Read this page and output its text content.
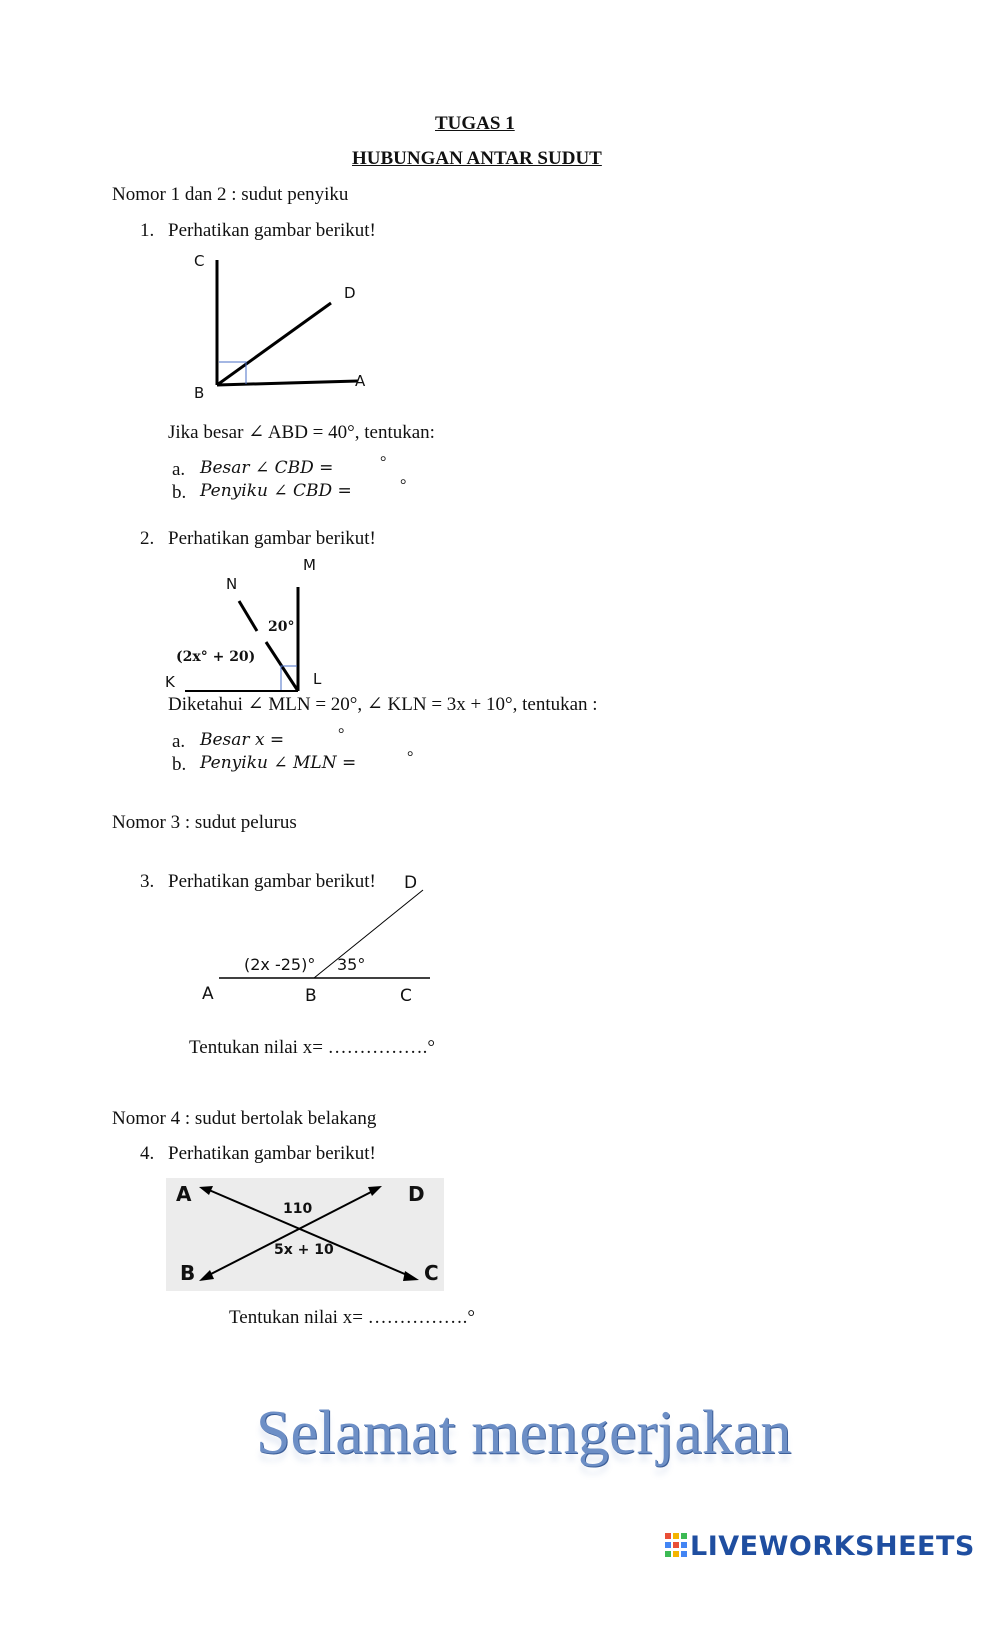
TUGAS 1
HUBUNGAN ANTAR SUDUT
Nomor 1 dan 2 : sudut penyiku
1. Perhatikan gambar berikut!
C
D
B
A
Jika besar ∠ ABD = 40°, tentukan:
a. Besar ∠ CBD =	°
b. Penyiku ∠ CBD =	°
2. Perhatikan gambar berikut!
M
N
K	L
20°
(2x° + 20)
Diketahui ∠ MLN = 20°, ∠ KLN = 3x + 10°, tentukan :
a. Besar x =	°
b. Penyiku ∠ MLN =	°
Nomor 3 : sudut pelurus
3. Perhatikan gambar berikut! D
A	B	C
(2x -25)° 35°
Tentukan nilai x= …………….°
Nomor 4 : sudut bertolak belakang
4. Perhatikan gambar berikut!
A	D
B	C
110
5x + 10
Tentukan nilai x= …………….°
Selamat mengerjakan
LIVEWORKSHEETS
